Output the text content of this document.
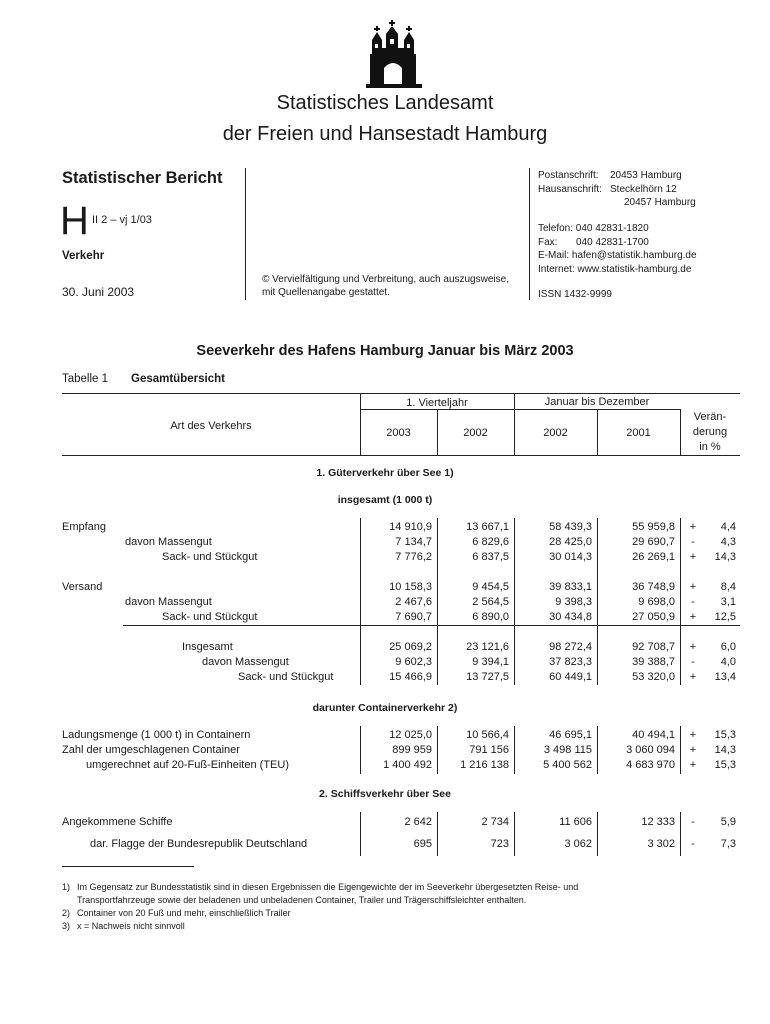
Statistisches Landesamt
der Freien und Hansestadt Hamburg
Statistischer Bericht
H II 2 – vj 1/03
Verkehr
30. Juni 2003
© Vervielfältigung und Verbreitung, auch auszugsweise,
mit Quellenangabe gestattet.
Postanschrift: 20453 Hamburg
Hausanschrift: Steckelhörn 12
20457 Hamburg
Telefon: 040 42831-1820
Fax: 040 42831-1700
E-Mail: hafen@statistik.hamburg.de
Internet: www.statistik-hamburg.de
ISSN 1432-9999
Seeverkehr des Hafens Hamburg Januar bis März 2003
Tabelle 1 Gesamtübersicht
Art des Verkehrs
1. Vierteljahr	Januar bis Dezember
2003	2002	2002	2001
Verän-
derung
in %
1. Güterverkehr über See 1)
insgesamt (1 000 t)
darunter Containerverkehr 2)
2. Schiffsverkehr über See
Empfang	14 910,9	13 667,1	58 439,3	55 959,8	+	4,4
davon Massengut	7 134,7	6 829,6	28 425,0	29 690,7	-	4,3
Sack- und Stückgut	7 776,2	6 837,5	30 014,3	26 269,1	+	14,3
Versand	10 158,3	9 454,5	39 833,1	36 748,9	+	8,4
davon Massengut	2 467,6	2 564,5	9 398,3	9 698,0	-	3,1
Sack- und Stückgut	7 690,7	6 890,0	30 434,8	27 050,9	+	12,5
Insgesamt	25 069,2	23 121,6	98 272,4	92 708,7	+	6,0
davon Massengut	9 602,3	9 394,1	37 823,3	39 388,7	-	4,0
Sack- und Stückgut	15 466,9	13 727,5	60 449,1	53 320,0	+	13,4
Ladungsmenge (1 000 t) in Containern	12 025,0	10 566,4	46 695,1	40 494,1	+	15,3
Zahl der umgeschlagenen Container	899 959	791 156	3 498 115	3 060 094	+	14,3
umgerechnet auf 20-Fuß-Einheiten (TEU)	1 400 492	1 216 138	5 400 562	4 683 970	+	15,3
Angekommene Schiffe	2 642	2 734	11 606	12 333	-	5,9
dar. Flagge der Bundesrepublik Deutschland	695	723	3 062	3 302	-	7,3
1) Im Gegensatz zur Bundesstatistik sind in diesen Ergebnissen die Eigengewichte der im Seeverkehr übergesetzten Reise- und
Transportfahrzeuge sowie der beladenen und unbeladenen Container, Trailer und Trägerschiffsleichter enthalten.
2) Container von 20 Fuß und mehr, einschließlich Trailer
3) x = Nachweis nicht sinnvoll
